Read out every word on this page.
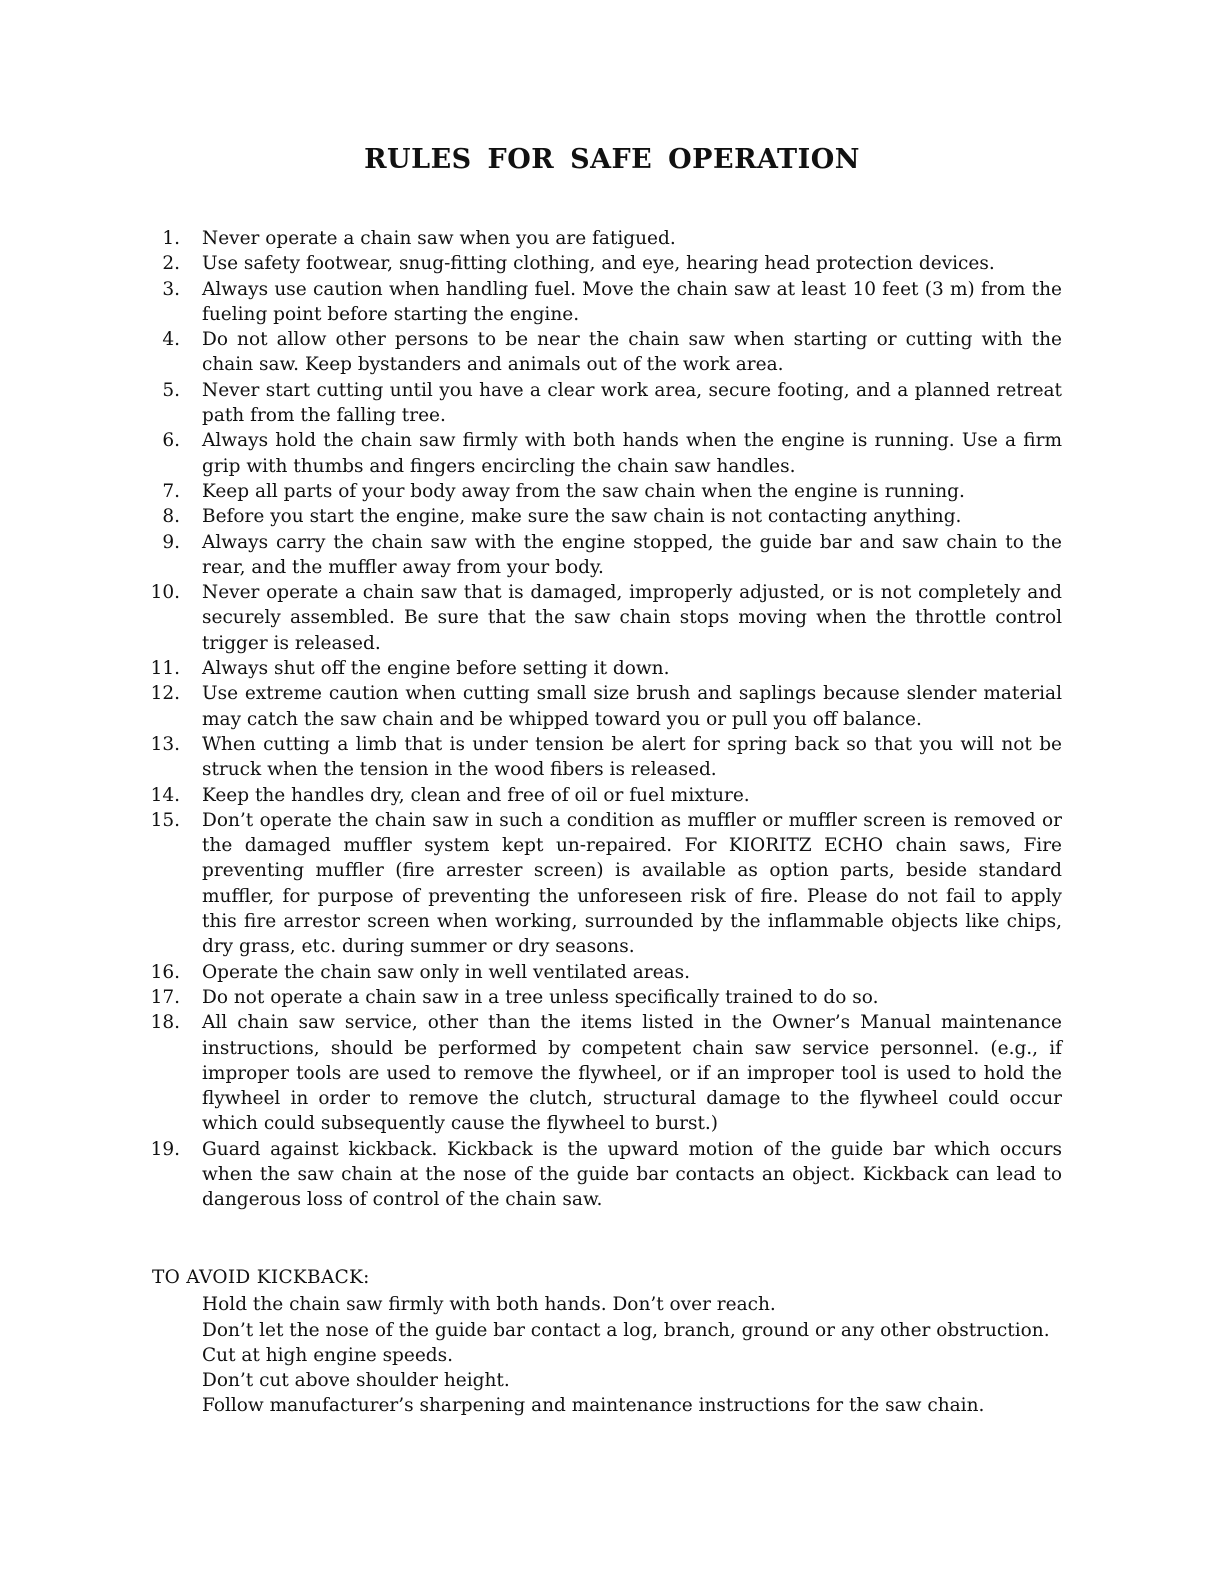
RULES FOR SAFE OPERATION
1. Never operate a chain saw when you are fatigued.
2. Use safety footwear, snug-fitting clothing, and eye, hearing head protection devices.
3. Always use caution when handling fuel. Move the chain saw at least 10 feet (3 m) from the fueling point before starting the engine.
4. Do not allow other persons to be near the chain saw when starting or cutting with the chain saw. Keep bystanders and animals out of the work area.
5. Never start cutting until you have a clear work area, secure footing, and a planned retreat path from the falling tree.
6. Always hold the chain saw firmly with both hands when the engine is running. Use a firm grip with thumbs and fingers encircling the chain saw handles.
7. Keep all parts of your body away from the saw chain when the engine is running.
8. Before you start the engine, make sure the saw chain is not contacting anything.
9. Always carry the chain saw with the engine stopped, the guide bar and saw chain to the rear, and the muffler away from your body.
10. Never operate a chain saw that is damaged, improperly adjusted, or is not completely and securely assembled. Be sure that the saw chain stops moving when the throttle control trigger is released.
11. Always shut off the engine before setting it down.
12. Use extreme caution when cutting small size brush and saplings because slender material may catch the saw chain and be whipped toward you or pull you off balance.
13. When cutting a limb that is under tension be alert for spring back so that you will not be struck when the tension in the wood fibers is released.
14. Keep the handles dry, clean and free of oil or fuel mixture.
15. Don’t operate the chain saw in such a condition as muffler or muffler screen is removed or the damaged muffler system kept un-repaired. For KIORITZ ECHO chain saws, Fire preventing muffler (fire arrester screen) is available as option parts, beside standard muffler, for purpose of preventing the unforeseen risk of fire. Please do not fail to apply this fire arrestor screen when working, surrounded by the inflammable objects like chips, dry grass, etc. during summer or dry seasons.
16. Operate the chain saw only in well ventilated areas.
17. Do not operate a chain saw in a tree unless specifically trained to do so.
18. All chain saw service, other than the items listed in the Owner’s Manual maintenance instructions, should be performed by competent chain saw service personnel. (e.g., if improper tools are used to remove the flywheel, or if an improper tool is used to hold the flywheel in order to remove the clutch, structural damage to the flywheel could occur which could subsequently cause the flywheel to burst.)
19. Guard against kickback. Kickback is the upward motion of the guide bar which occurs when the saw chain at the nose of the guide bar contacts an object. Kickback can lead to dangerous loss of control of the chain saw.

TO AVOID KICKBACK:

Hold the chain saw firmly with both hands. Don’t over reach.
Don’t let the nose of the guide bar contact a log, branch, ground or any other obstruction.
Cut at high engine speeds.
Don’t cut above shoulder height.
Follow manufacturer’s sharpening and maintenance instructions for the saw chain.
